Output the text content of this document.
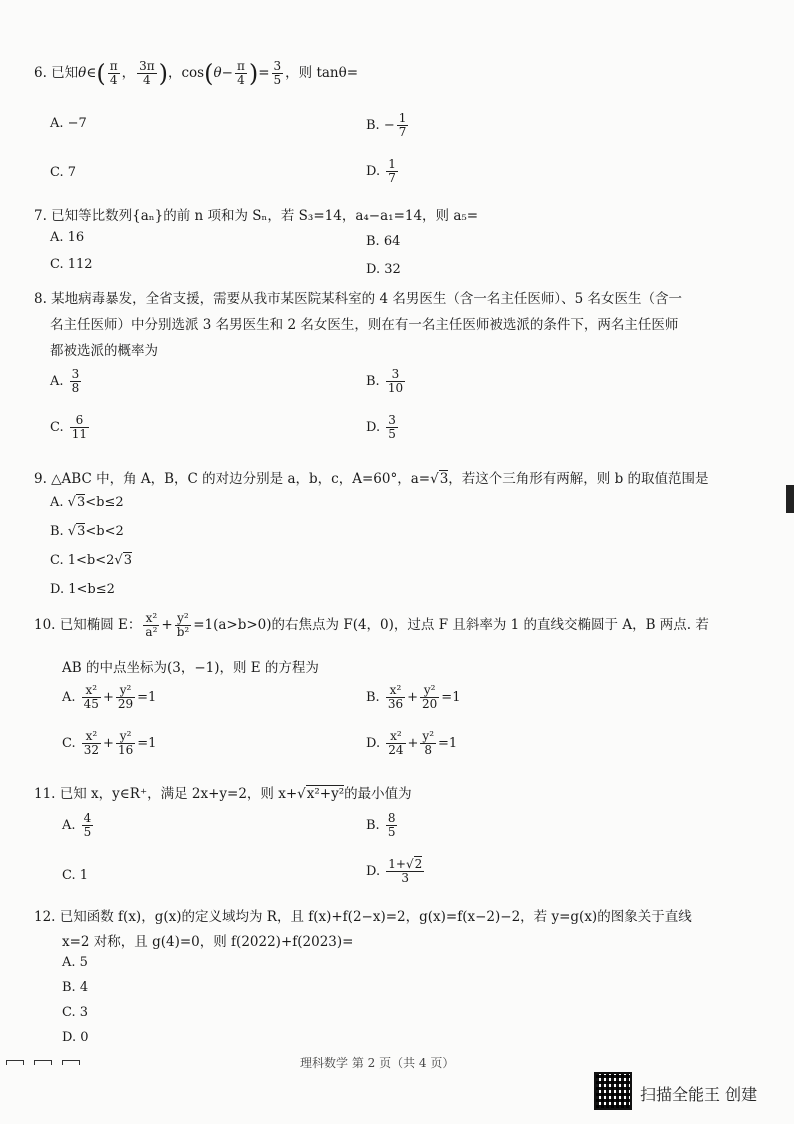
6. 已知θ∈( $\frac{\pi}{4}$ ， $\frac{3\pi}{4}$ )，$\cos(\theta- \frac{\pi}{4}$ )= $\frac{3}{5}$ ，则 tanθ=
A. −7	B. − $\frac{1}{7}$
C. 7	D. $\frac{1}{7}$
7. 已知等比数列{aₙ}的前 n 项和为 Sₙ，若 S₃=14，a₄−a₁=14，则 a₅=
A. 16	B. 64
C. 112	D. 32
8. 某地病毒暴发，全省支援，需要从我市某医院某科室的 4 名男医生（含一名主任医师）、5 名女医生（含一
名主任医师）中分别选派 3 名男医生和 2 名女医生，则在有一名主任医师被选派的条件下，两名主任医师
都被选派的概率为
A. $\frac{3}{8}$	B. $\frac{3}{10}$
C. $\frac{6}{11}$	D. $\frac{3}{5}$
9. △ABC 中，角 A，B，C 的对边分别是 a，b，c，A=60°，a=√3，若这个三角形有两解，则 b 的取值范围是
A. √3<b≤2
B. √3<b<2
C. 1<b<2√3
D. 1<b≤2
10. 已知椭圆 E： $\frac{\text{x²}}{\text{a²}} + \frac{\text{y²}}{\text{b²}} =1(a>b>0)$的右焦点为 F(4，0)，过点 F 且斜率为 1 的直线交椭圆于 A，B 两点. 若
AB 的中点坐标为(3，−1)，则 E 的方程为
A. $\frac{\text{x²}}{45} + \frac{\text{y²}}{29} =1$	B. $\frac{\text{x²}}{36} + \frac{\text{y²}}{20} =1$
C. $\frac{\text{x²}}{32} + \frac{\text{y²}}{16} =1$	D. $\frac{\text{x²}}{24} + \frac{\text{y²}}{8} =1$
11. 已知 x，y∈R⁺，满足 2x+y=2，则 x+√x²+y²的最小值为
A. $\frac{4}{5}$	B. $\frac{8}{5}$
C. 1	D. $\frac{1+√2}{3}$
12. 已知函数 f(x)，g(x)的定义域均为 R，且 f(x)+f(2−x)=2，g(x)=f(x−2)−2，若 y=g(x)的图象关于直线
x=2 对称，且 g(4)=0，则 f(2022)+f(2023)=
A. 5
B. 4
C. 3
D. 0
理科数学 第 2 页（共 4 页）
扫描全能王 创建
